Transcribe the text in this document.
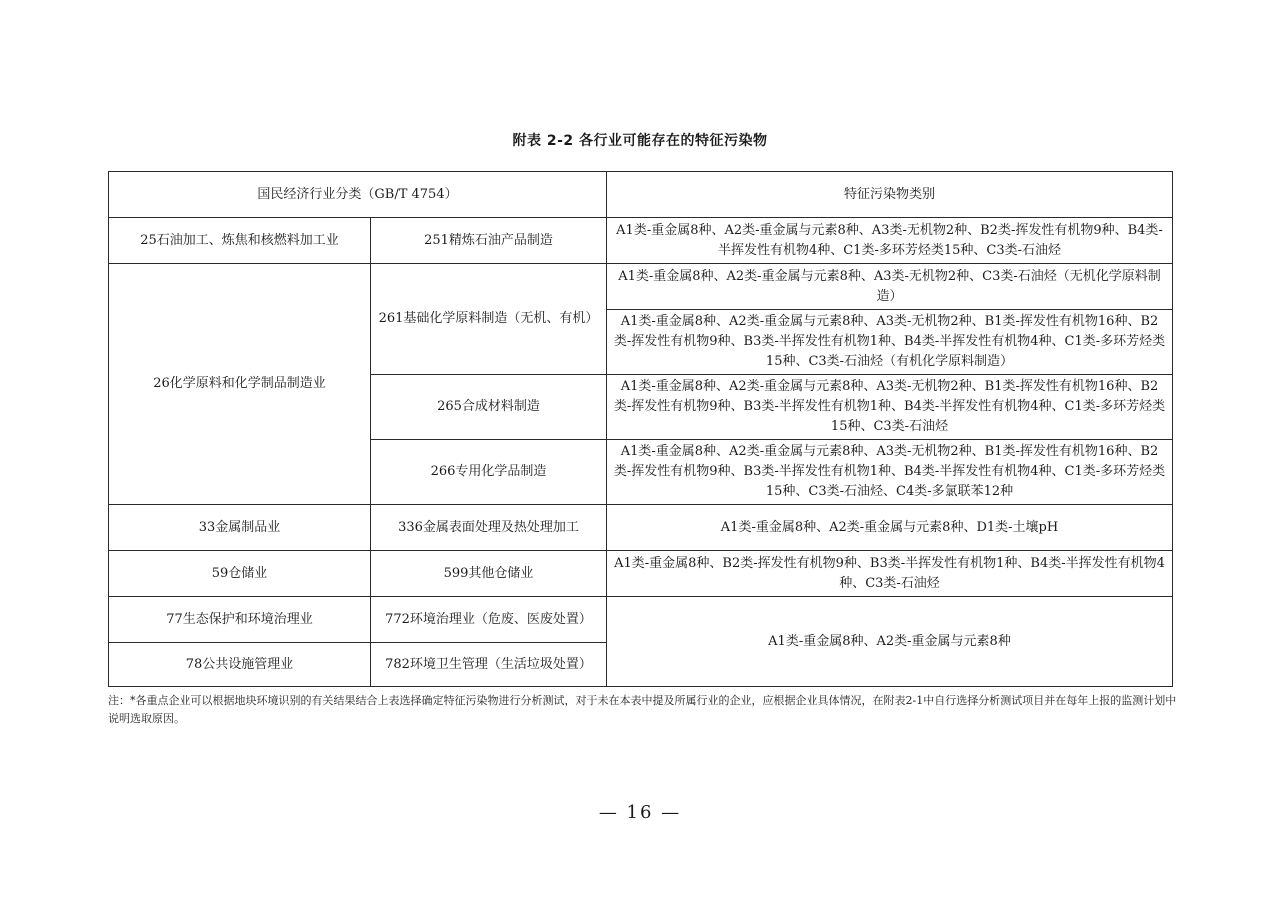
附表 2-2 各行业可能存在的特征污染物
国民经济行业分类（GB/T 4754）		特征污染物类别
25石油加工、炼焦和核燃料加工业	251精炼石油产品制造	A1类-重金属8种、A2类-重金属与元素8种、A3类-无机物2种、B2类-挥发性有机物9种、B4类-半挥发性有机物4种、C1类-多环芳烃类15种、C3类-石油烃
26化学原料和化学制品制造业	261基础化学原料制造（无机、有机）	A1类-重金属8种、A2类-重金属与元素8种、A3类-无机物2种、C3类-石油烃（无机化学原料制造）
		A1类-重金属8种、A2类-重金属与元素8种、A3类-无机物2种、B1类-挥发性有机物16种、B2类-挥发性有机物9种、B3类-半挥发性有机物1种、B4类-半挥发性有机物4种、C1类-多环芳烃类15种、C3类-石油烃（有机化学原料制造）
	265合成材料制造	A1类-重金属8种、A2类-重金属与元素8种、A3类-无机物2种、B1类-挥发性有机物16种、B2类-挥发性有机物9种、B3类-半挥发性有机物1种、B4类-半挥发性有机物4种、C1类-多环芳烃类15种、C3类-石油烃
	266专用化学品制造	A1类-重金属8种、A2类-重金属与元素8种、A3类-无机物2种、B1类-挥发性有机物16种、B2类-挥发性有机物9种、B3类-半挥发性有机物1种、B4类-半挥发性有机物4种、C1类-多环芳烃类15种、C3类-石油烃、C4类-多氯联苯12种
33金属制品业	336金属表面处理及热处理加工	A1类-重金属8种、A2类-重金属与元素8种、D1类-土壤pH
59仓储业	599其他仓储业	A1类-重金属8种、B2类-挥发性有机物9种、B3类-半挥发性有机物1种、B4类-半挥发性有机物4种、C3类-石油烃
77生态保护和环境治理业	772环境治理业（危废、医废处置）	A1类-重金属8种、A2类-重金属与元素8种
78公共设施管理业	782环境卫生管理（生活垃圾处置）	
注：*各重点企业可以根据地块环境识别的有关结果结合上表选择确定特征污染物进行分析测试，对于未在本表中提及所属行业的企业，应根据企业具体情况，在附表2-1中自行选择分析测试项目并在每年上报的监测计划中说明选取原因。
— 16 —
